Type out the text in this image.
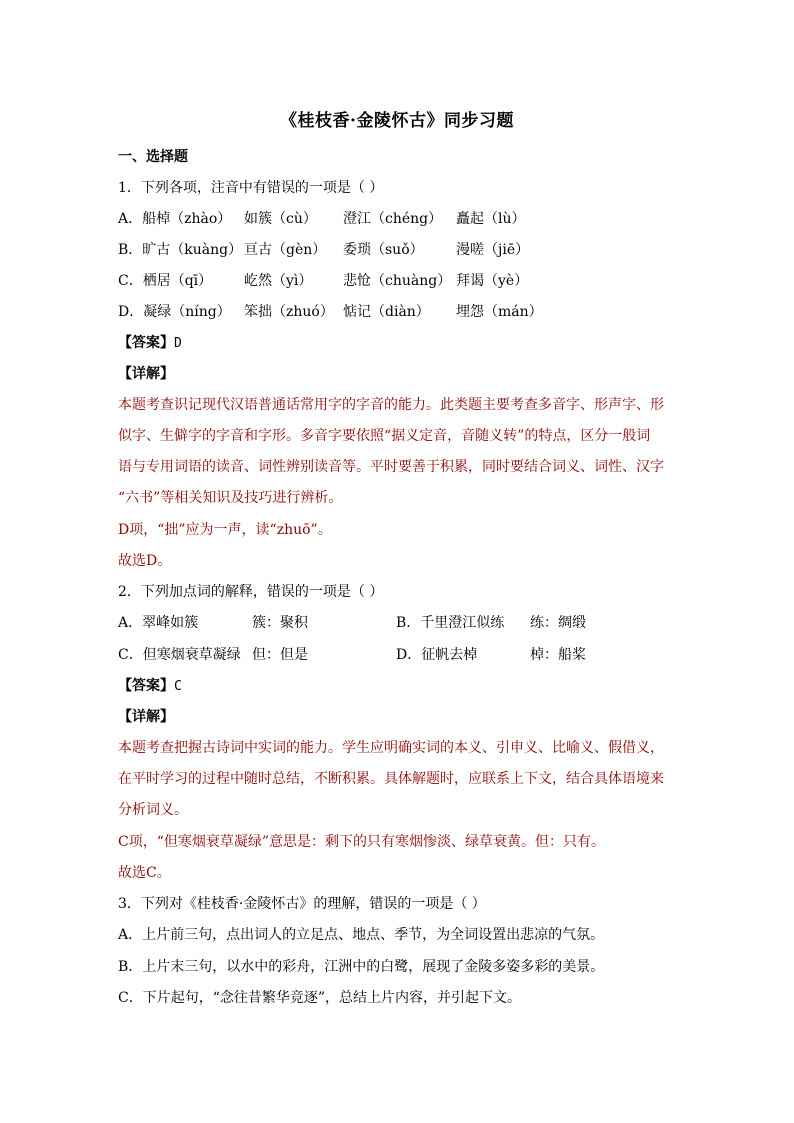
《桂枝香·金陵怀古》同步习题
一、选择题
1．下列各项，注音中有错误的一项是（ ）
A．船棹（zhào） 如簇（cù） 澄江（chéng） 矗起（lù）
B．旷古（kuàng） 亘古（gèn） 委琐（suǒ） 漫嗟（jiē）
C．栖居（qī） 屹然（yì） 悲怆（chuàng） 拜谒（yè）
D．凝绿（níng） 笨拙（zhuó） 惦记（diàn） 埋怨（mán）
【答案】D
【详解】
本题考查识记现代汉语普通话常用字的字音的能力。此类题主要考查多音字、形声字、形
似字、生僻字的字音和字形。多音字要依照“据义定音，音随义转”的特点，区分一般词
语与专用词语的读音、词性辨别读音等。平时要善于积累，同时要结合词义、词性、汉字
“六书”等相关知识及技巧进行辨析。
D项，“拙”应为一声，读“zhuō”。
故选D。
2．下列加点词的解释，错误的一项是（ ）
A．翠峰如簇	簇：聚积	B．千里澄江似练 练：绸缎
C．但寒烟衰草凝绿 但：但是	D．征帆去棹	棹：船桨
【答案】C
【详解】
本题考查把握古诗词中实词的能力。学生应明确实词的本义、引申义、比喻义、假借义，
在平时学习的过程中随时总结，不断积累。具体解题时，应联系上下文，结合具体语境来
分析词义。
C项，“但寒烟衰草凝绿”意思是：剩下的只有寒烟惨淡、绿草衰黄。但：只有。
故选C。
3．下列对《桂枝香·金陵怀古》的理解，错误的一项是（ ）
A．上片前三句，点出词人的立足点、地点、季节，为全词设置出悲凉的气氛。
B．上片末三句，以水中的彩舟，江洲中的白鹭，展现了金陵多姿多彩的美景。
C．下片起句，“念往昔繁华竞逐”，总结上片内容，并引起下文。
